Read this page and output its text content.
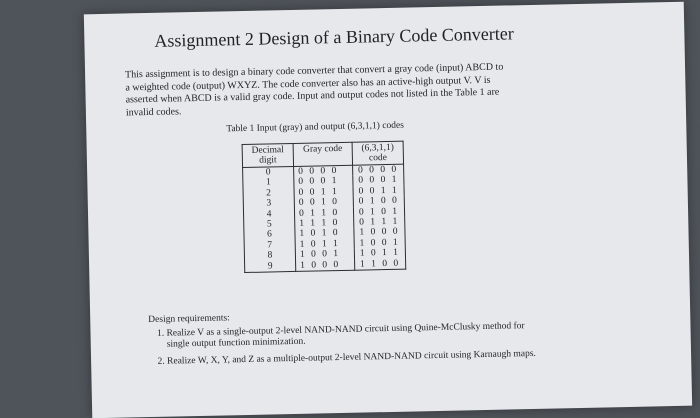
Assignment 2 Design of a Binary Code Converter
This assignment is to design a binary code converter that convert a gray code (input) ABCD to a weighted code (output) WXYZ. The code converter also has an active-high output V. V is asserted when ABCD is a valid gray code. Input and output codes not listed in the Table 1 are invalid codes.
Table 1 Input (gray) and output (6,3,1,1) codes
Decimal digit	Gray code	(6,3,1,1) code
0	0 0 0 0	0 0 0 0
1	0 0 0 1	0 0 0 1
2	0 0 1 1	0 0 1 1
3	0 0 1 0	0 1 0 0
4	0 1 1 0	0 1 0 1
5	1 1 1 0	0 1 1 1
6	1 0 1 0	1 0 0 0
7	1 0 1 1	1 0 0 1
8	1 0 0 1	1 0 1 1
9	1 0 0 0	1 1 0 0
Design requirements:
1. Realize V as a single-output 2-level NAND-NAND circuit using Quine-McClusky method for single output function minimization.
2. Realize W, X, Y, and Z as a multiple-output 2-level NAND-NAND circuit using Karnaugh maps.
